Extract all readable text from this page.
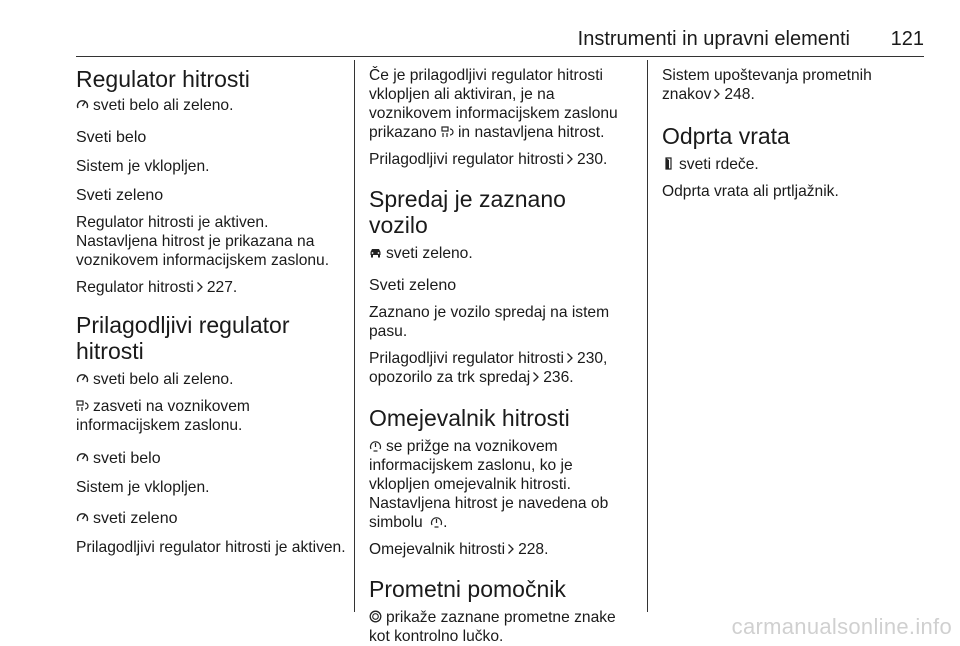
Instrumenti in upravni elementi 121
Regulator hitrosti

sveti belo ali zeleno.

Sveti belo

Sistem je vklopljen.

Sveti zeleno

Regulator hitrosti je aktiven.

Nastavljena hitrost je prikazana na voznikovem informacijskem zaslonu.

Regulator hitrosti 227.

Prilagodljivi regulator
hitrosti

sveti belo ali zeleno.

zasveti na voznikovem informacijskem zaslonu.

sveti belo

Sistem je vklopljen.

sveti zeleno

Prilagodljivi regulator hitrosti je aktiven.

Če je prilagodljivi regulator hitrosti vklopljen ali aktiviran, je na voznikovem informacijskem zaslonu prikazano in nastavljena hitrost.

Prilagodljivi regulator hitrosti 230.

Spredaj je zaznano vozilo

sveti zeleno.

Sveti zeleno

Zaznano je vozilo spredaj na istem pasu.

Prilagodljivi regulator hitrosti 230,
opozorilo za trk spredaj 236.

Omejevalnik hitrosti

se prižge na voznikovem informacijskem zaslonu, ko je vklopljen omejevalnik hitrosti. Nastavljena hitrost je navedena ob simbolu .

Omejevalnik hitrosti 228.

Prometni pomočnik

prikaže zaznane prometne znake kot kontrolno lučko.

Sistem upoštevanja prometnih znakov 248.

Odprta vrata

sveti rdeče.

Odprta vrata ali prtljažnik.

carmanualsonline.info
